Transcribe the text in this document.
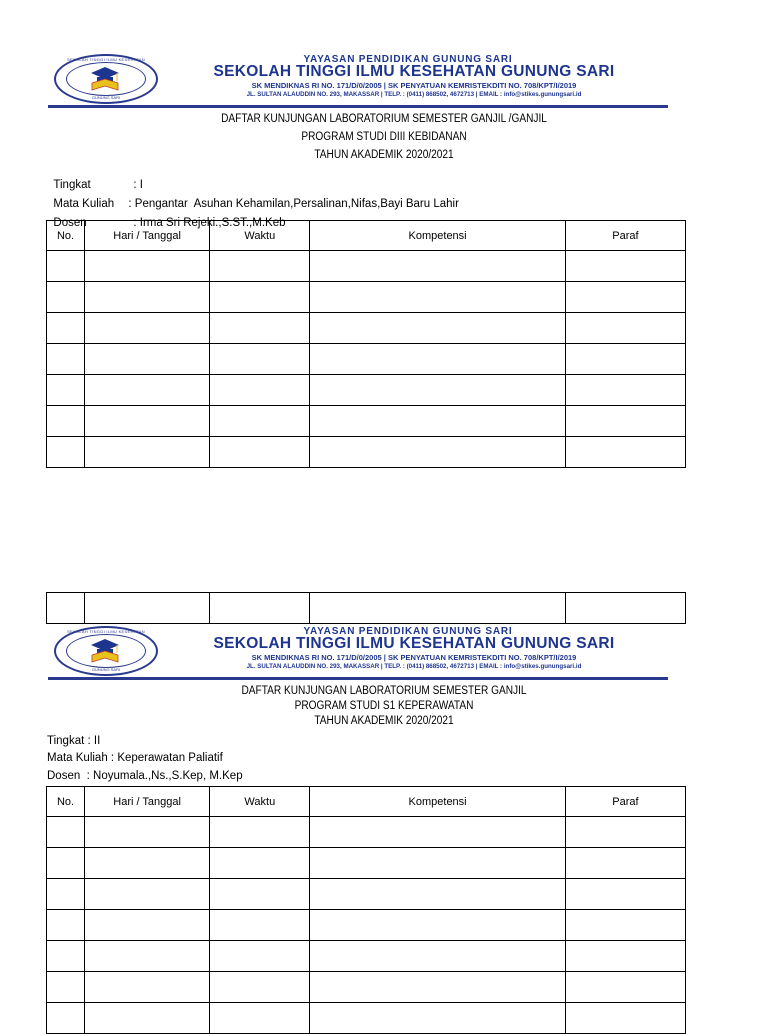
SEKOLAH TINGGI ILMU KESEHATAN
GUNUNG SARI
YAYASAN PENDIDIKAN GUNUNG SARI
SEKOLAH TINGGI ILMU KESEHATAN GUNUNG SARI
SK MENDIKNAS RI NO. 171/D/0/2005 | SK PENYATUAN KEMRISTEKDITI NO. 708/KPT/I/2019
JL. SULTAN ALAUDDIN NO. 293, MAKASSAR | TELP. : (0411) 868502, 4672713 | EMAIL : info@stikes.gunungsari.id
DAFTAR KUNJUNGAN LABORATORIUM SEMESTER GANJIL /GANJIL
PROGRAM STUDI DIII KEBIDANAN
TAHUN AKADEMIK 2020/2021

Tingkat	: I

Mata Kuliah : Pengantar  Asuhan Kehamilan,Persalinan,Nifas,Bayi Baru Lahir

Dosen	: Irma Sri Rejeki.,S.ST.,M.Keb

No.	Hari / Tanggal	Waktu	Kompetensi	Paraf

SEKOLAH TINGGI ILMU KESEHATAN
GUNUNG SARI
YAYASAN PENDIDIKAN GUNUNG SARI
SEKOLAH TINGGI ILMU KESEHATAN GUNUNG SARI
SK MENDIKNAS RI NO. 171/D/0/2005 | SK PENYATUAN KEMRISTEKDITI NO. 708/KPT/I/2019
JL. SULTAN ALAUDDIN NO. 293, MAKASSAR | TELP. : (0411) 868502, 4672713 | EMAIL : info@stikes.gunungsari.id
DAFTAR KUNJUNGAN LABORATORIUM SEMESTER GANJIL
PROGRAM STUDI S1 KEPERAWATAN
TAHUN AKADEMIK 2020/2021
Tingkat : II
Mata Kuliah : Keperawatan Paliatif
Dosen  : Noyumala.,Ns.,S.Kep, M.Kep
No.	Hari / Tanggal	Waktu	Kompetensi	Paraf
